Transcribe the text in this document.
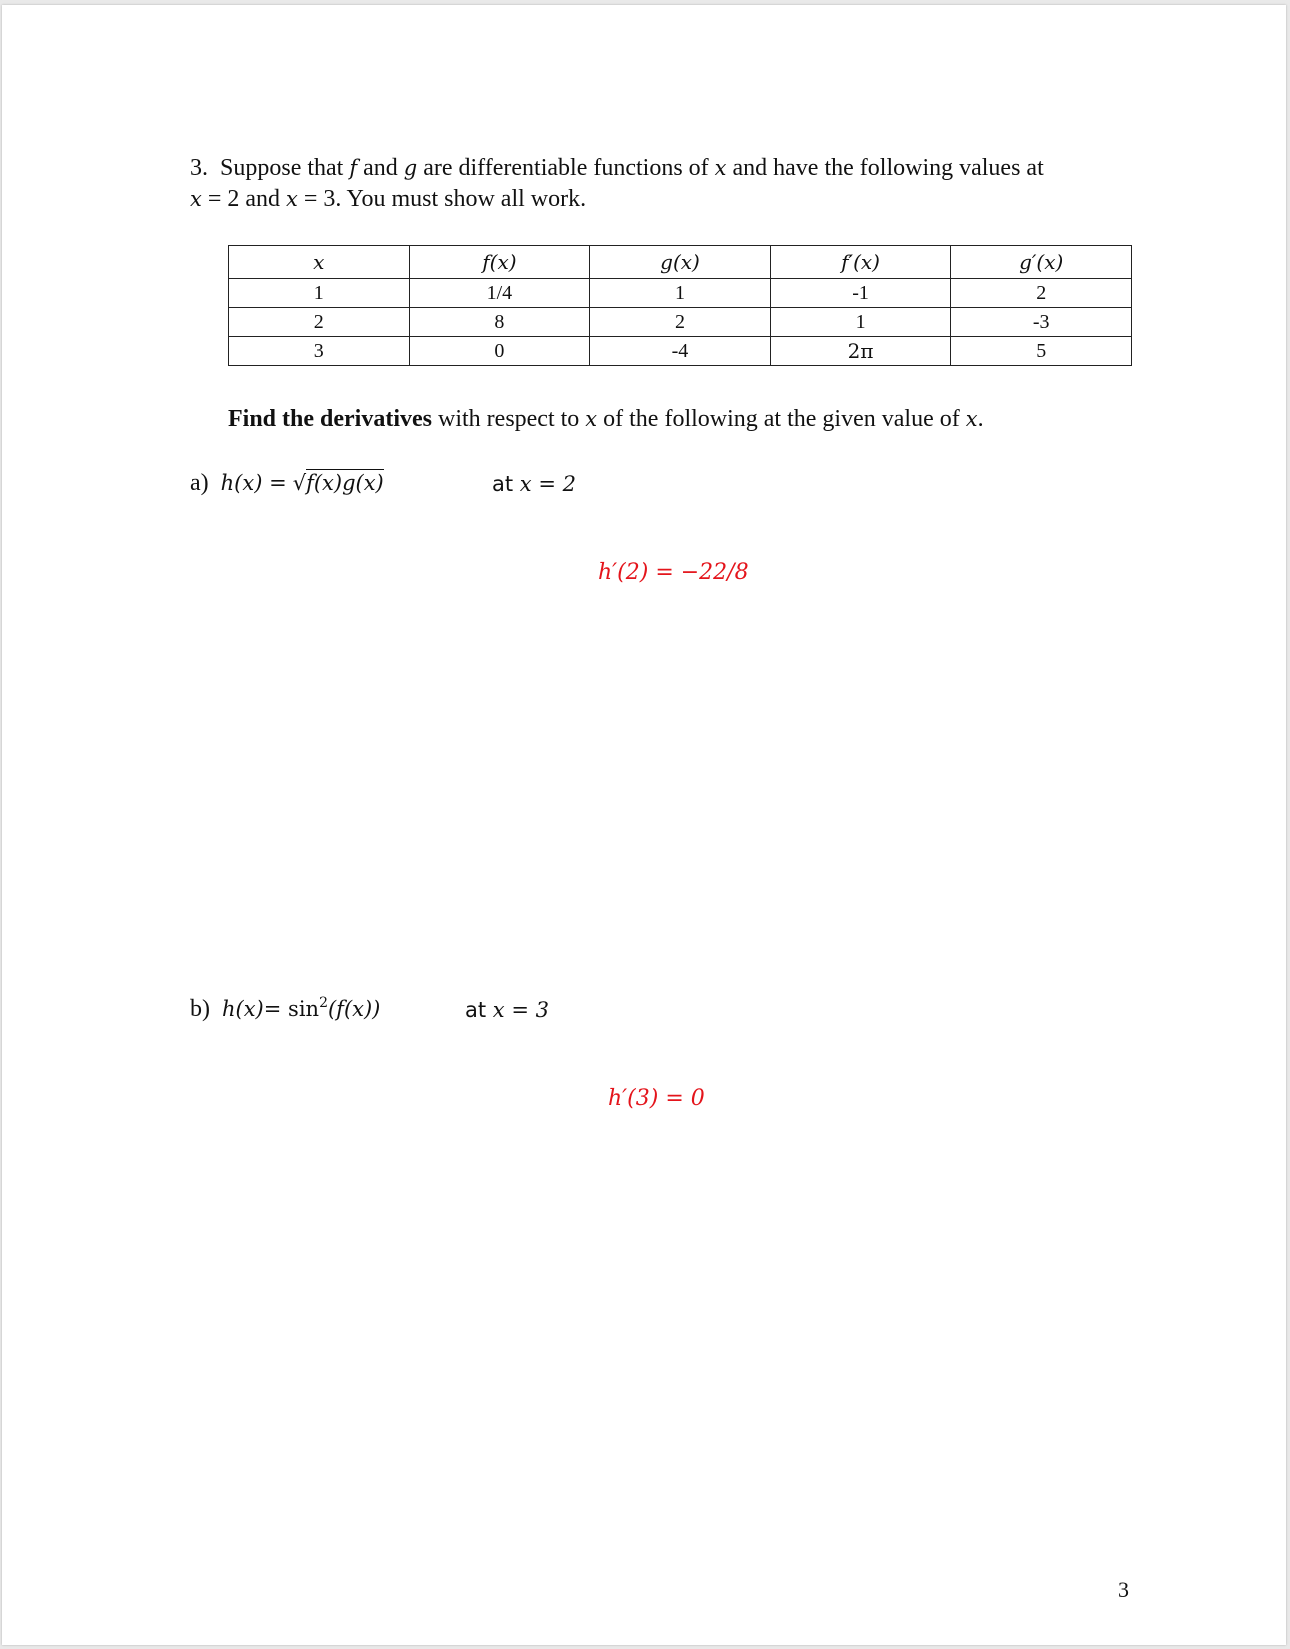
3. Suppose that f and g are differentiable functions of x and have the following values at
x = 2 and x = 3. You must show all work.
x	f(x)	g(x)	f′(x)	g′(x)
1	1/4	1	-1	2
2	8	2	1	-3
3	0	-4	2π	5
Find the derivatives with respect to x of the following at the given value of x.
a) h(x) = √f(x)g(x)	at x = 2
h′(2) = −22/8
b) $h(x)= \sin^2(f(x))$	at x = 3
h′(3) = 0
3
